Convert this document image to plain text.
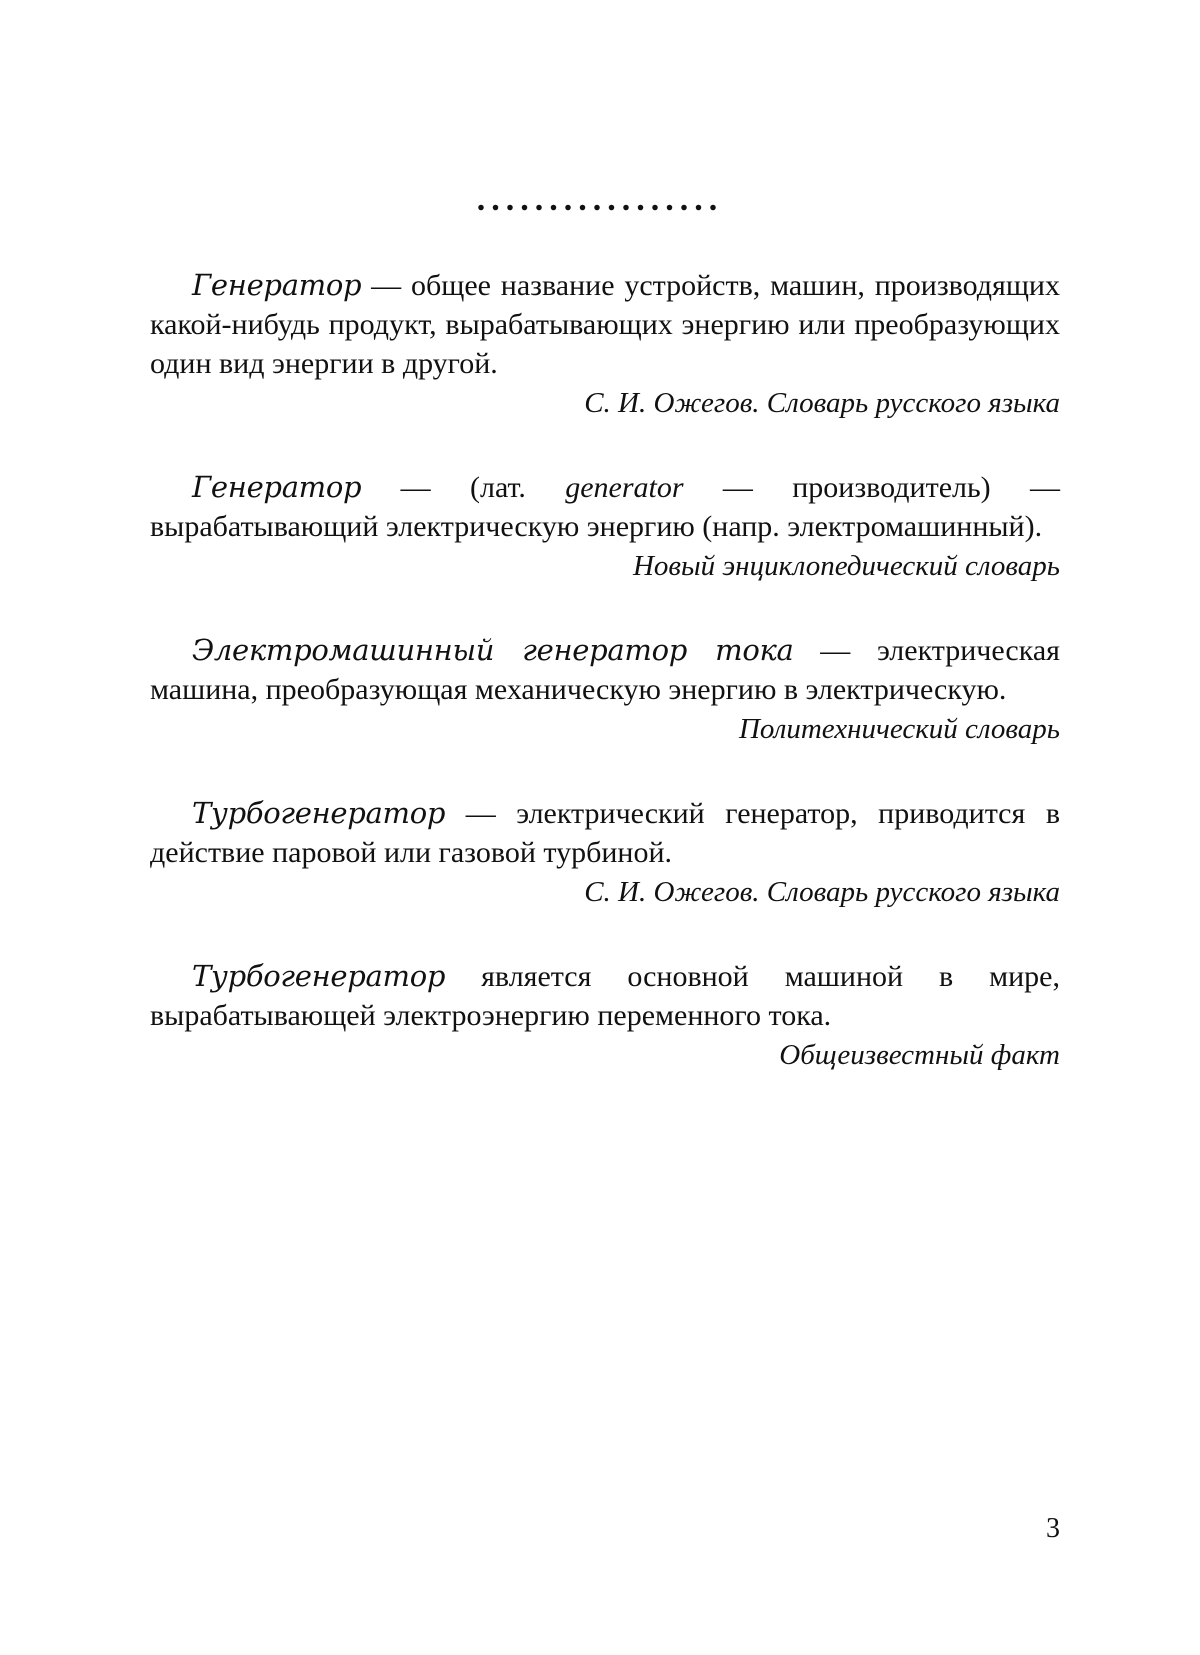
.................

Генератор — общее название устройств, машин, производящих какой-нибудь продукт, вырабатывающих энергию или преобразующих один вид энергии в другой.

С. И. Ожегов. Словарь русского языка

Генератор — (лат. generator — производитель) — вырабатывающий электрическую энергию (напр. электромашинный).

Новый энциклопедический словарь

Электромашинный генератор тока — электрическая машина, преобразующая механическую энергию в электрическую.

Политехнический словарь

Турбогенератор — электрический генератор, приводится в действие паровой или газовой турбиной.

С. И. Ожегов. Словарь русского языка

Турбогенератор является основной машиной в мире, вырабатывающей электроэнергию переменного тока.

Общеизвестный факт
3
